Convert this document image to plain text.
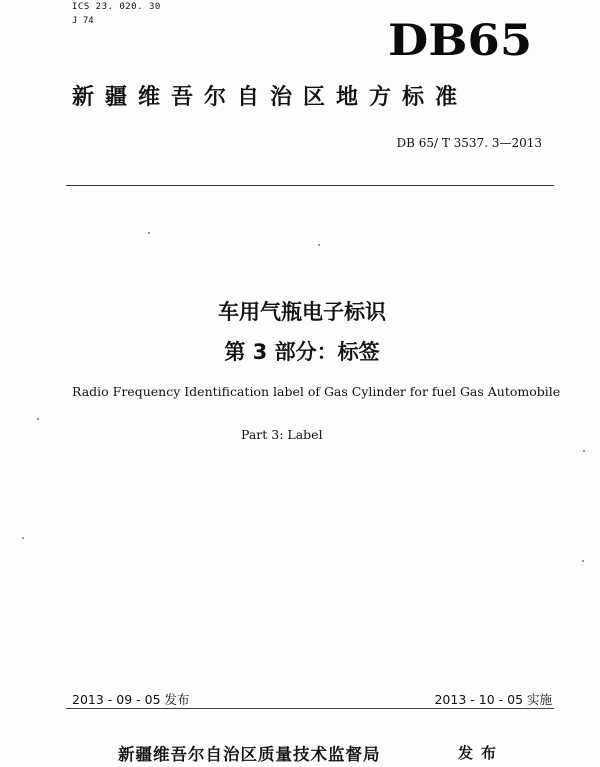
ICS 23. 020. 30
J 74	DB65
新疆维吾尔自治区地方标准
DB 65/ T 3537. 3—2013
车用气瓶电子标识
第 3 部分：标签
Radio Frequency Identification label of Gas Cylinder for fuel Gas Automobile
Part 3: Label
2013 - 09 - 05 发布	2013 - 10 - 05 实施
新疆维吾尔自治区质量技术监督局	发布
